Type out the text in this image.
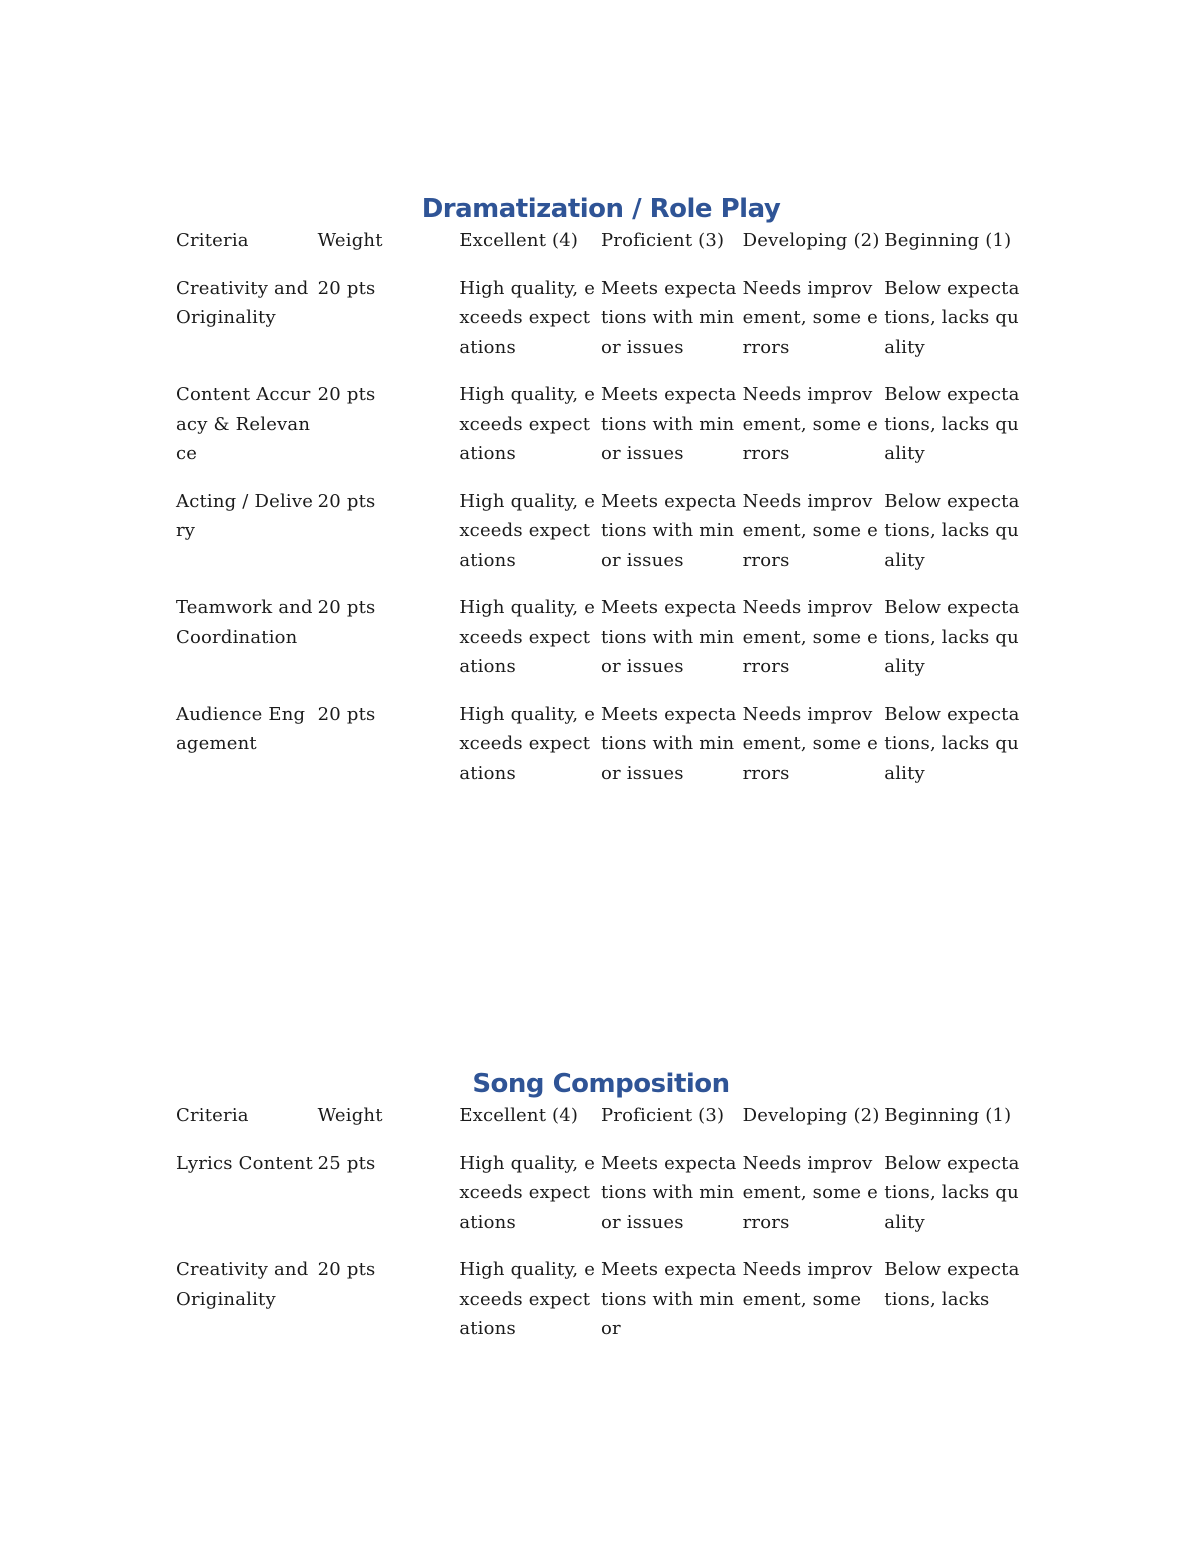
Dramatization / Role Play
Criteria	Weight	Excellent (4)	Proficient (3)	Developing (2)	Beginning (1)
Creativity and Originality	20 pts	High quality, exceeds expectations	Meets expectations with minor issues	Needs improvement, some errors	Below expectations, lacks quality
Content Accuracy & Relevance	20 pts	High quality, exceeds expectations	Meets expectations with minor issues	Needs improvement, some errors	Below expectations, lacks quality
Acting / Delivery	20 pts	High quality, exceeds expectations	Meets expectations with minor issues	Needs improvement, some errors	Below expectations, lacks quality
Teamwork and Coordination	20 pts	High quality, exceeds expectations	Meets expectations with minor issues	Needs improvement, some errors	Below expectations, lacks quality
Audience Engagement	20 pts	High quality, exceeds expectations	Meets expectations with minor issues	Needs improvement, some errors	Below expectations, lacks quality
Song Composition
Criteria	Weight	Excellent (4)	Proficient (3)	Developing (2)	Beginning (1)
Lyrics Content	25 pts	High quality, exceeds expectations	Meets expectations with minor issues	Needs improvement, some errors	Below expectations, lacks quality
Creativity and Originality	20 pts	High quality, exceeds expectations	Meets expectations with minor	Needs improvement, some	Below expectations, lacks
